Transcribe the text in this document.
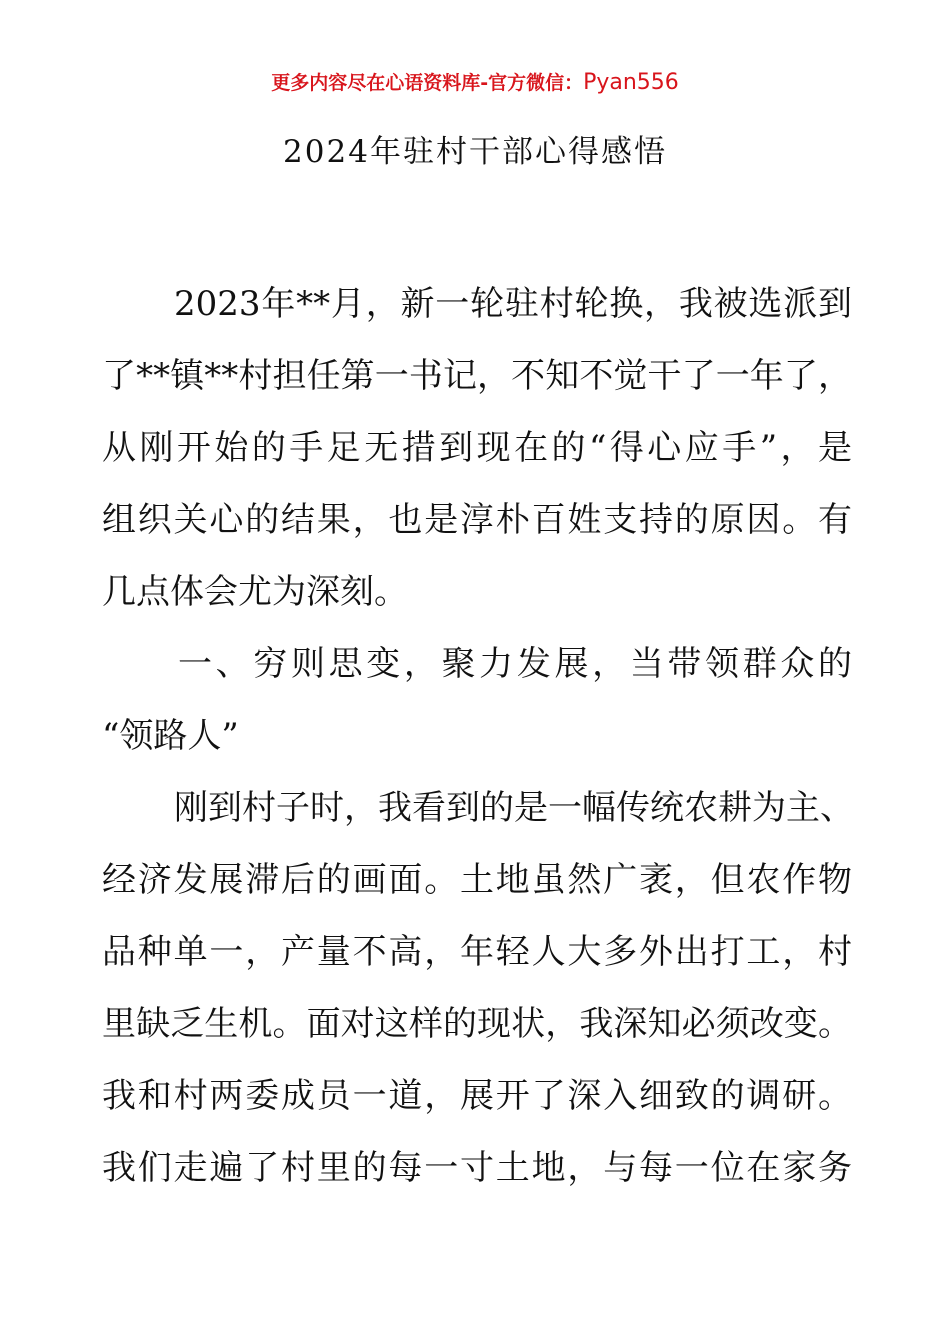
更多内容尽在心语资料库-官方微信：Pyan556
2024年驻村干部心得感悟
2023年**月，新一轮驻村轮换，我被选派到
了**镇**村担任第一书记，不知不觉干了一年了，
从刚开始的手足无措到现在的“得心应手”，是
组织关心的结果，也是淳朴百姓支持的原因。有
几点体会尤为深刻。
一、穷则思变，聚力发展，当带领群众的
“领路人”
刚到村子时，我看到的是一幅传统农耕为主、
经济发展滞后的画面。土地虽然广袤，但农作物
品种单一，产量不高，年轻人大多外出打工，村
里缺乏生机。面对这样的现状，我深知必须改变。
我和村两委成员一道，展开了深入细致的调研。
我们走遍了村里的每一寸土地，与每一位在家务
